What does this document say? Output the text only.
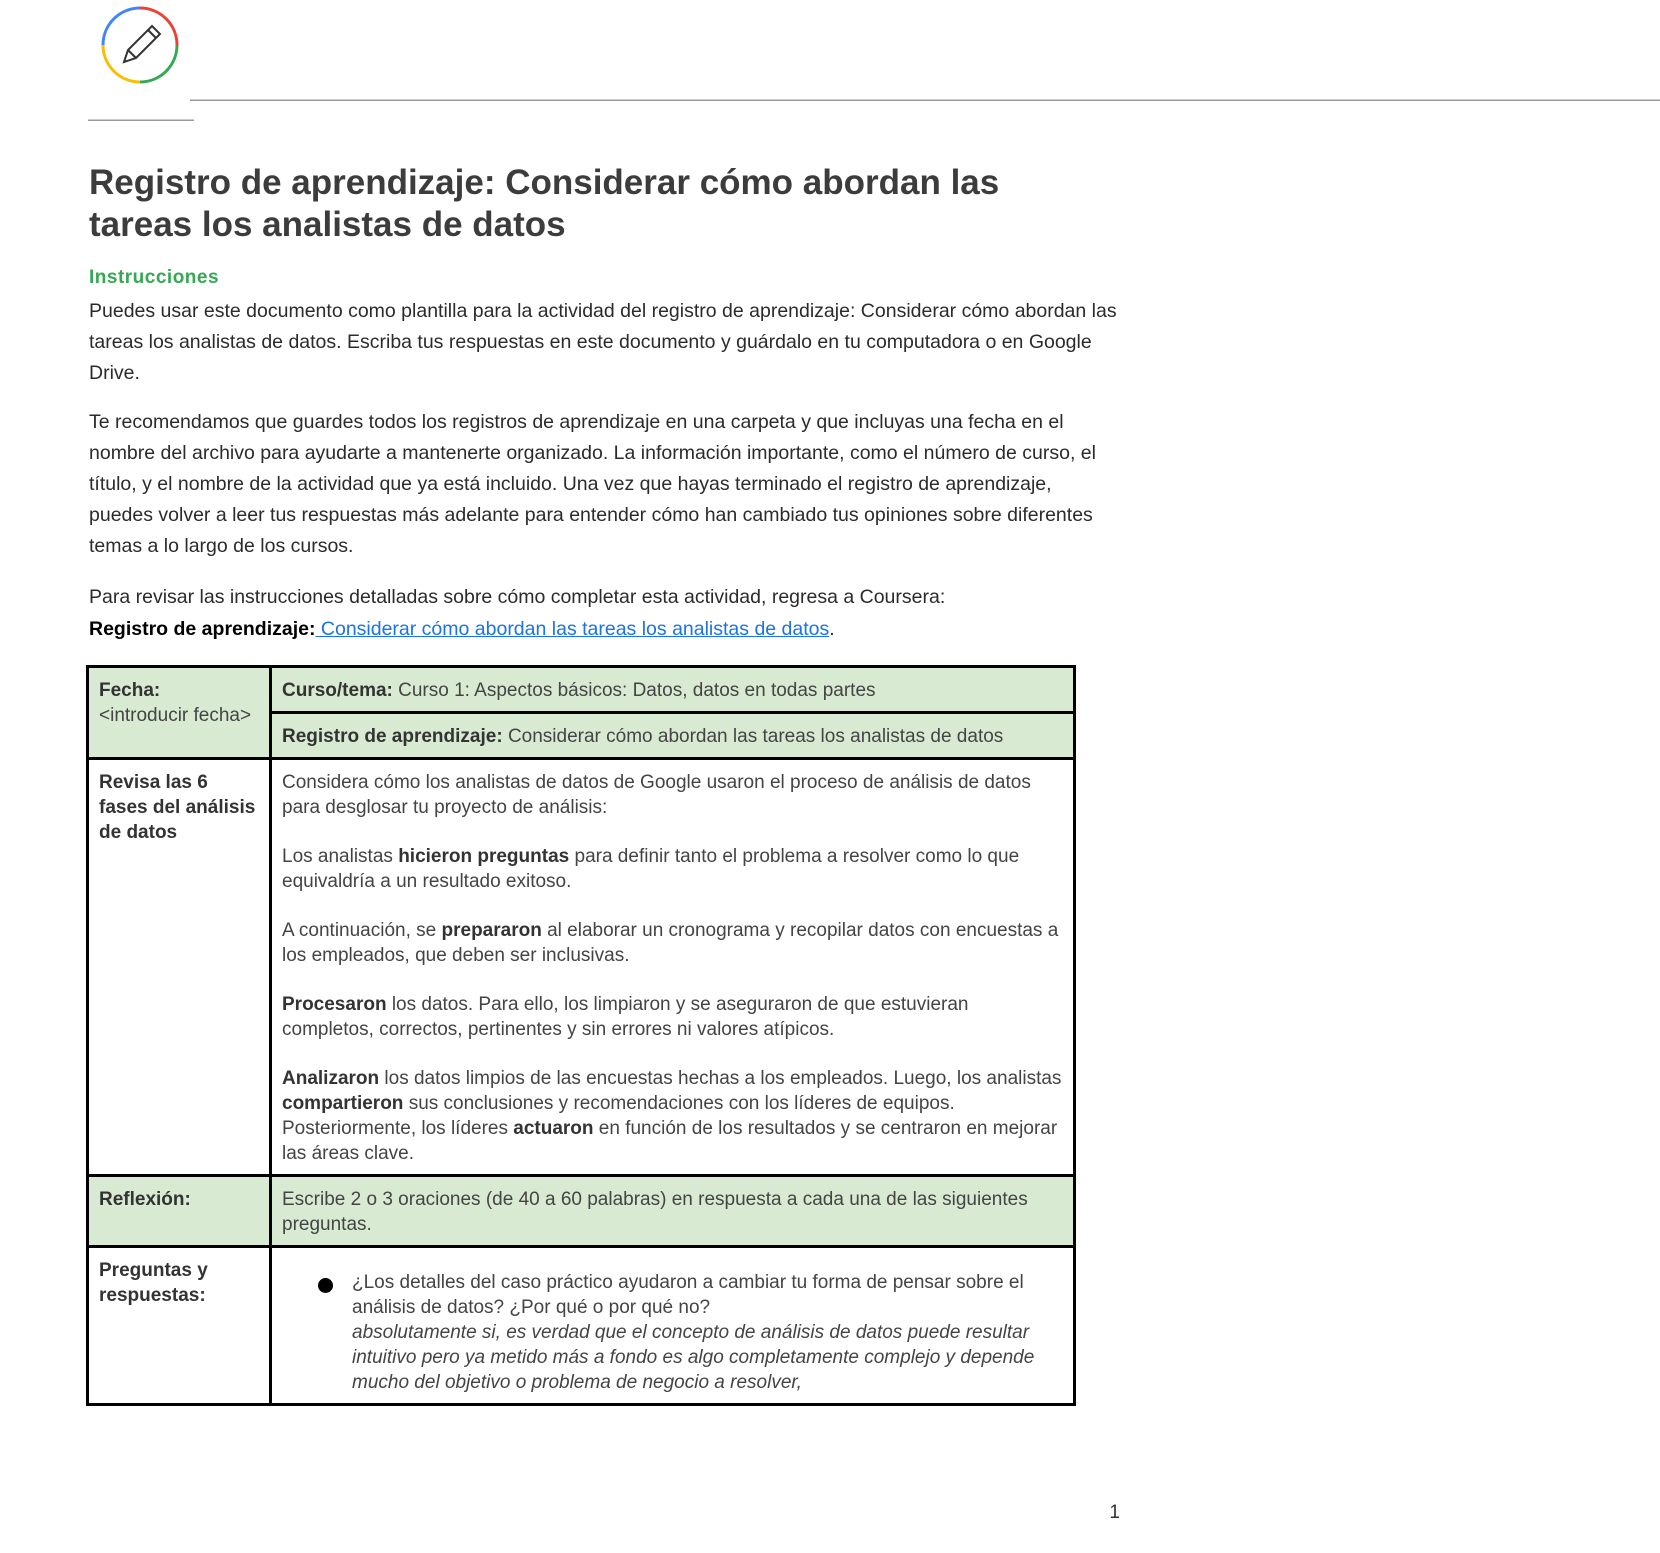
——————————————————————————————————————————————————————————————————————
—————
Registro de aprendizaje: Considerar cómo abordan las tareas los analistas de datos
Instrucciones

Puedes usar este documento como plantilla para la actividad del registro de aprendizaje: Considerar cómo abordan las tareas los analistas de datos. Escriba tus respuestas en este documento y guárdalo en tu computadora o en Google Drive.

Te recomendamos que guardes todos los registros de aprendizaje en una carpeta y que incluyas una fecha en el nombre del archivo para ayudarte a mantenerte organizado. La información importante, como el número de curso, el título, y el nombre de la actividad que ya está incluido. Una vez que hayas terminado el registro de aprendizaje, puedes volver a leer tus respuestas más adelante para entender cómo han cambiado tus opiniones sobre diferentes temas a lo largo de los cursos.

Para revisar las instrucciones detalladas sobre cómo completar esta actividad, regresa a Coursera:

Registro de aprendizaje: Considerar cómo abordan las tareas los analistas de datos.

Fecha:
<introducir fecha>	Curso/tema: Curso 1: Aspectos básicos: Datos, datos en todas partes
	Registro de aprendizaje: Considerar cómo abordan las tareas los analistas de datos

Revisa las 6 fases del análisis de datos	Considera cómo los analistas de datos de Google usaron el proceso de análisis de datos para desglosar tu proyecto de análisis:
Los analistas hicieron preguntas para definir tanto el problema a resolver como lo que equivaldría a un resultado exitoso.
A continuación, se prepararon al elaborar un cronograma y recopilar datos con encuestas a los empleados, que deben ser inclusivas.
Procesaron los datos. Para ello, los limpiaron y se aseguraron de que estuvieran completos, correctos, pertinentes y sin errores ni valores atípicos.
Analizaron los datos limpios de las encuestas hechas a los empleados. Luego, los analistas compartieron sus conclusiones y recomendaciones con los líderes de equipos. Posteriormente, los líderes actuaron en función de los resultados y se centraron en mejorar las áreas clave.

Reflexión:	Escribe 2 o 3 oraciones (de 40 a 60 palabras) en respuesta a cada una de las siguientes preguntas.

Preguntas y respuestas:	¿Los detalles del caso práctico ayudaron a cambiar tu forma de pensar sobre el análisis de datos? ¿Por qué o por qué no?
absolutamente si, es verdad que el concepto de análisis de datos puede resultar intuitivo pero ya metido más a fondo es algo completamente complejo y depende mucho del objetivo o problema de negocio a resolver,
1
